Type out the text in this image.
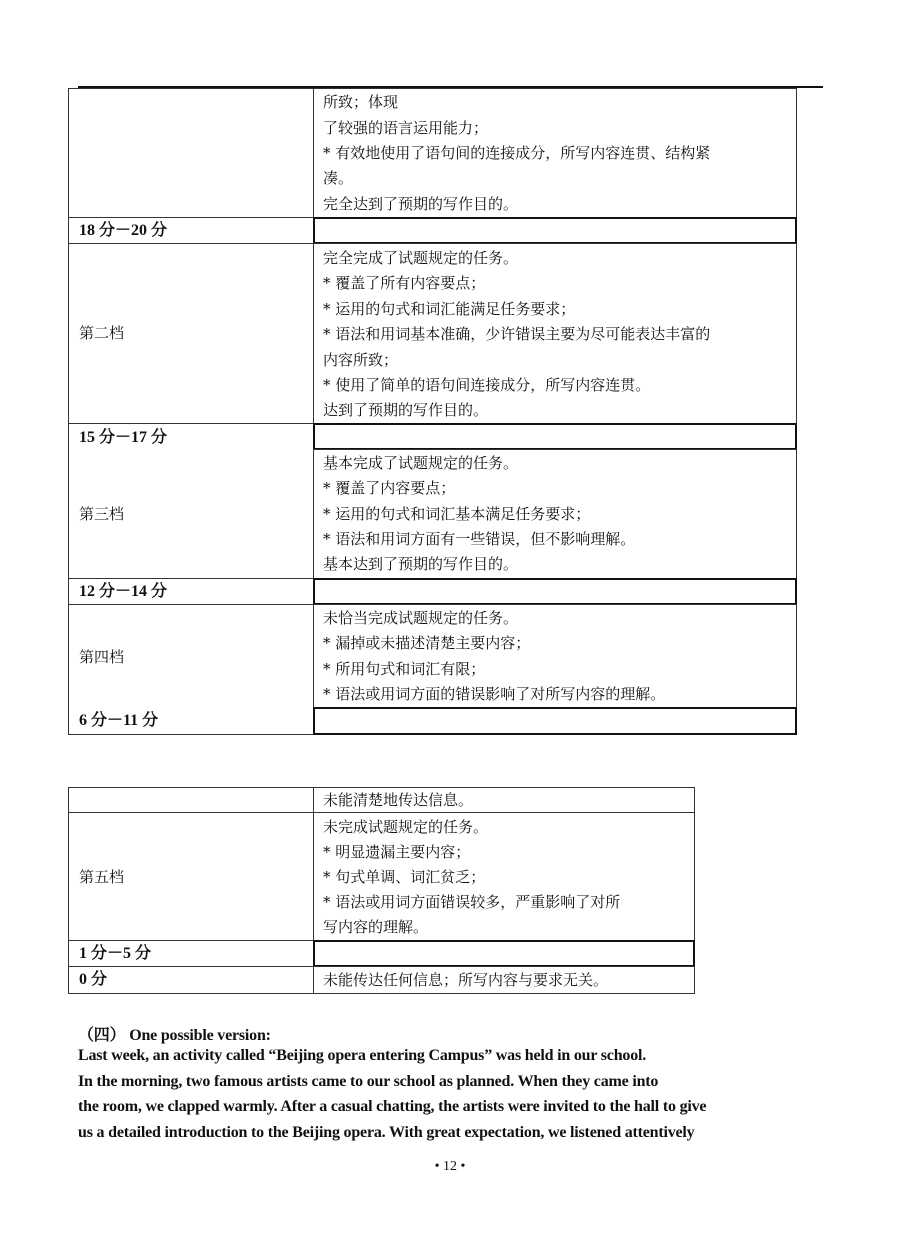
所致；体现
了较强的语言运用能力；
* 有效地使用了语句间的连接成分，所写内容连贯、结构紧
凑。
完全达到了预期的写作目的。
18 分－20 分
第二档
完全完成了试题规定的任务。
* 覆盖了所有内容要点；
* 运用的句式和词汇能满足任务要求；
* 语法和用词基本准确，少许错误主要为尽可能表达丰富的
内容所致；
* 使用了简单的语句间连接成分，所写内容连贯。
达到了预期的写作目的。
15 分－17 分
第三档
基本完成了试题规定的任务。
* 覆盖了内容要点；
* 运用的句式和词汇基本满足任务要求；
* 语法和用词方面有一些错误，但不影响理解。
基本达到了预期的写作目的。
12 分－14 分
第四档
6 分－11 分
未恰当完成试题规定的任务。
* 漏掉或未描述清楚主要内容；
* 所用句式和词汇有限；
* 语法或用词方面的错误影响了对所写内容的理解。
未能清楚地传达信息。
第五档
未完成试题规定的任务。
* 明显遗漏主要内容；
* 句式单调、词汇贫乏；
* 语法或用词方面错误较多，严重影响了对所
写内容的理解。
1 分－5 分
0 分	未能传达任何信息；所写内容与要求无关。
（四） One possible version:
Last week, an activity called “Beijing opera entering Campus” was held in our school.
In the morning, two famous artists came to our school as planned. When they came into
the room, we clapped warmly. After a casual chatting, the artists were invited to the hall to give
us a detailed introduction to the Beijing opera. With great expectation, we listened attentively
• 12 •
